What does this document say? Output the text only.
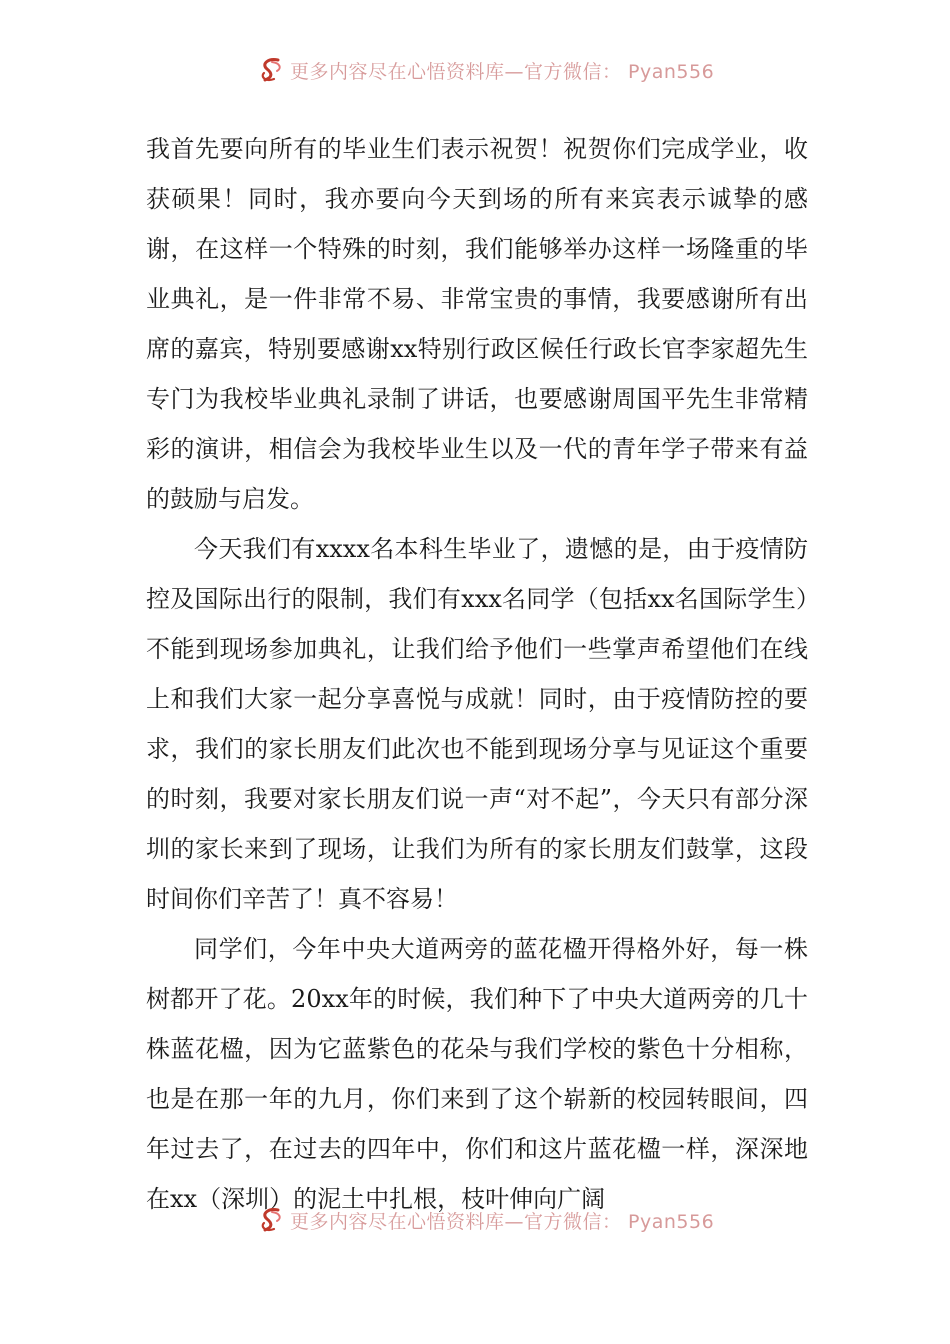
更多内容尽在心悟资料库—官方微信： Pyan556

我首先要向所有的毕业生们表示祝贺！祝贺你们完成学业，收获硕果！同时，我亦要向今天到场的所有来宾表示诚挚的感谢，在这样一个特殊的时刻，我们能够举办这样一场隆重的毕业典礼，是一件非常不易、非常宝贵的事情，我要感谢所有出席的嘉宾，特别要感谢xx特别行政区候任行政长官李家超先生专门为我校毕业典礼录制了讲话，也要感谢周国平先生非常精彩的演讲，相信会为我校毕业生以及一代的青年学子带来有益的鼓励与启发。

今天我们有xxxx名本科生毕业了，遗憾的是，由于疫情防控及国际出行的限制，我们有xxx名同学（包括xx名国际学生）不能到现场参加典礼，让我们给予他们一些掌声希望他们在线上和我们大家一起分享喜悦与成就！同时，由于疫情防控的要求，我们的家长朋友们此次也不能到现场分享与见证这个重要的时刻，我要对家长朋友们说一声“对不起”，今天只有部分深圳的家长来到了现场，让我们为所有的家长朋友们鼓掌，这段时间你们辛苦了！真不容易！

同学们，今年中央大道两旁的蓝花楹开得格外好，每一株树都开了花。20xx年的时候，我们种下了中央大道两旁的几十株蓝花楹，因为它蓝紫色的花朵与我们学校的紫色十分相称，也是在那一年的九月，你们来到了这个崭新的校园转眼间，四年过去了，在过去的四年中，你们和这片蓝花楹一样，深深地在xx（深圳）的泥土中扎根，枝叶伸向广阔

更多内容尽在心悟资料库—官方微信： Pyan556
